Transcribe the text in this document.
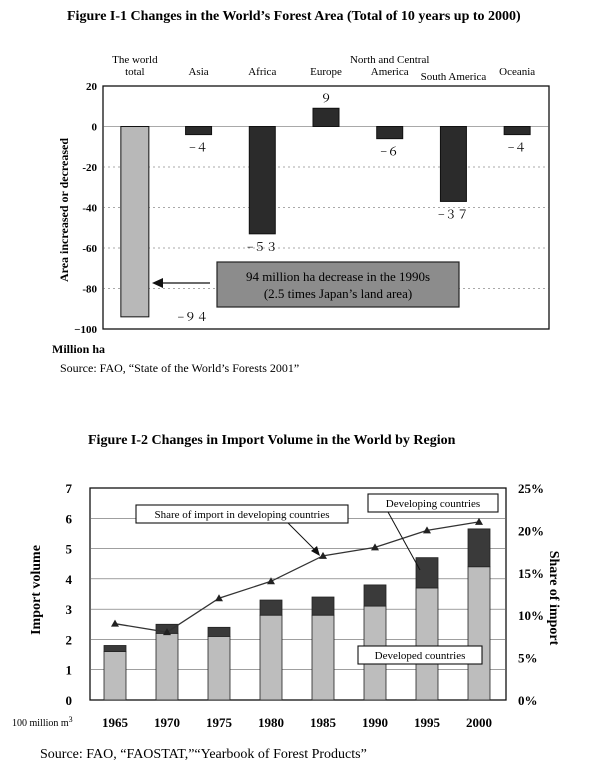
Figure I-1 Changes in the World’s Forest Area (Total of 10 years up to 2000)
20
0
-20
-40
-60
-80
−100
The world
total	Asia	Africa	Europe
North and Central
America South America Oceania
−９４
−４
−５３
９
−６
−３７
−４
Area increased or decreased
Million ha
94 million ha decrease in the 1990s
(2.5 times Japan’s land area)
Source: FAO, “State of the World’s Forests 2001”
Figure I-2 Changes in Import Volume in the World by Region
0
1
2
3
4
5
6
7
0%
5%
10%
15%
20%
25%
1965 1970 1975 1980 1985 1990 1995 2000
Import volume	Share of import
100 million $m^3$
Share of import in developing countries
Developing countries
Developed countries
Source: FAO, “FAOSTAT,”“Yearbook of Forest Products”
